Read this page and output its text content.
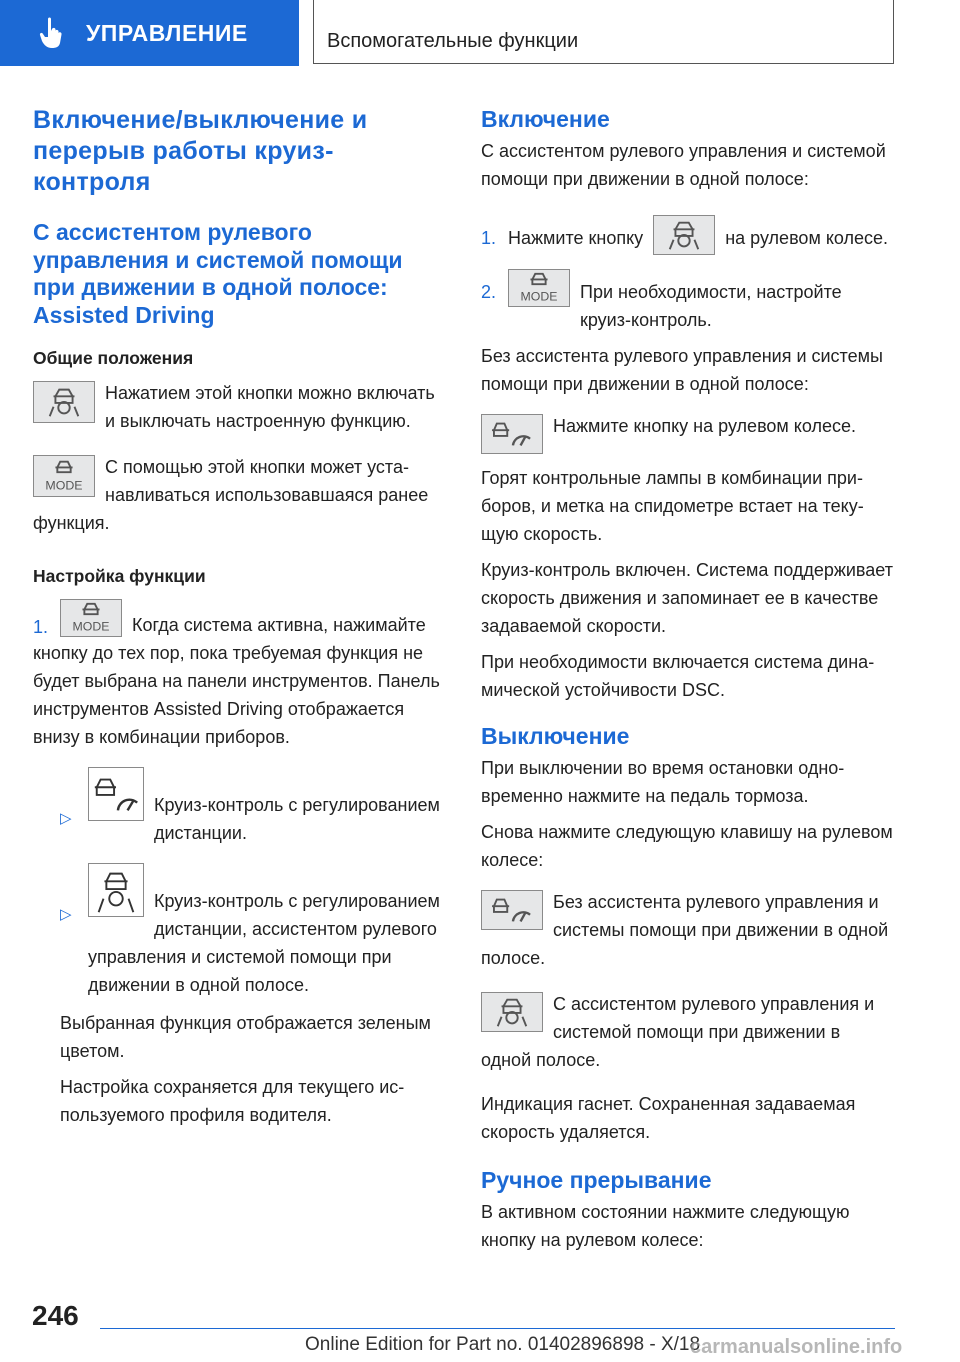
УПРАВЛЕНИЕ	Вспомогательные функции

Включение/выключение и перерыв работы круиз-контроля

С ассистентом рулевого управления и системой помощи при движении в одной полосе: Assisted Driving

Общие положения

Нажатием этой кнопки можно включать и выключать настроенную функцию.

MODE

С помощью этой кнопки может устанавливаться использовавшаяся ранее функция.

Настройка функции

1. MODE	Когда система активна, нажимайте кнопку до тех пор, пока требуемая функция не будет выбрана на панели инструментов. Панель инструментов Assisted Driving отображается внизу в комбинации приборов.

▷

Круиз-контроль с регулированием дистанции.

▷

Круиз-контроль с регулированием дистанции, ассистентом рулевого управления и системой помощи при движении в одной полосе.

Выбранная функция отображается зеленым цветом.

Настройка сохраняется для текущего используемого профиля водителя.

Включение

С ассистентом рулевого управления и системой помощи при движении в одной полосе:

1. Нажмите кнопку	на рулевом колесе.

2. MODE	При необходимости, настройте круиз-контроль.

Без ассистента рулевого управления и системы помощи при движении в одной полосе:

Нажмите кнопку на рулевом колесе.

Горят контрольные лампы в комбинации приборов, и метка на спидометре встает на текущую скорость.

Круиз-контроль включен. Система поддерживает скорость движения и запоминает ее в качестве задаваемой скорости.

При необходимости включается система динамической устойчивости DSC.

Выключение

При выключении во время остановки одновременно нажмите на педаль тормоза.

Снова нажмите следующую клавишу на рулевом колесе:

Без ассистента рулевого управления и системы помощи при движении в одной полосе.

С ассистентом рулевого управления и системой помощи при движении в одной полосе.

Индикация гаснет. Сохраненная задаваемая скорость удаляется.

Ручное прерывание

В активном состоянии нажмите следующую кнопку на рулевом колесе:

246
Online Edition for Part no. 01402896898 - X/18
carmanualsonline.info
